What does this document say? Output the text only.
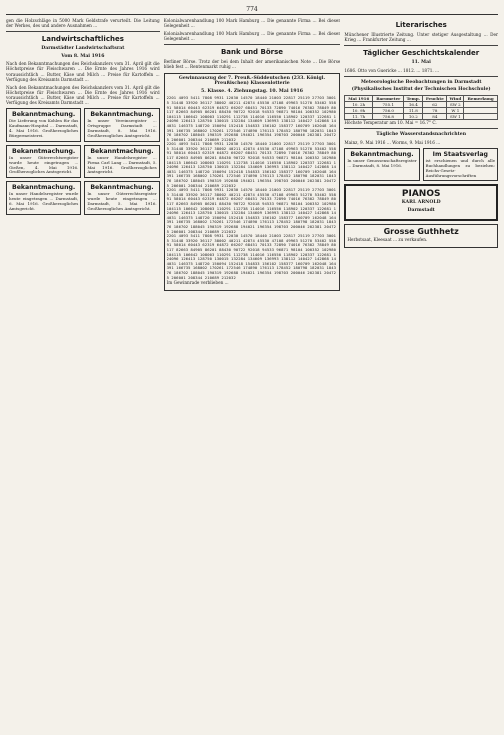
774

gen die Holzschläge in 5000 Mark Geldstrafe verurteilt. Die Leitung der Werkes, des und andere Ausnahmen ...

Landwirtschaftliches
Darmstädter Landwirtschaftsrat
Vom 8. Mai 1916

Nach den Bekanntmachungen des Reichskanzlers vom 31. April gilt die Höchstpreise für Fleischwaren ... Die Ernte des Jahres 1916 wird voraussichtlich ... Butter, Käse und Milch ... Preise für Kartoffeln ... Verfügung des Kreisamts Darmstadt ...

Nach den Bekanntmachungen des Reichskanzlers vom 31. April gilt die Höchstpreise für Fleischwaren ... Die Ernte des Jahres 1916 wird voraussichtlich ... Butter, Käse und Milch ... Preise für Kartoffeln ... Verfügung des Kreisamts Darmstadt ...

Bekanntmachung.
Die Lieferung von Kohlen für das Kaufmann-Hospital ... Darmstadt, 4. Mai 1916. Großherzogliches Bürgermeisterei.
Bekanntmachung.
In unser Vereinsregister ... Ortsgruppe Darmstadt ... Darmstadt, 8. Mai 1916. Großherzogliches Amtsgericht.
Bekanntmachung.
In unser Güterrechtsregister wurde heute eingetragen ... Gießen, 4. Mai 1916. Großherzogliches Amtsgericht.
Bekanntmachung.
In unser Handelsregister ... Firma Carl Lang ... Darmstadt, 5. Mai 1916. Großherzogliches Amtsgericht.
Bekanntmachung.
In unser Handelsregister wurde heute eingetragen ... Darmstadt, 6. Mai 1916. Großherzogliches Amtsgericht.
Bekanntmachung.
In unser Güterrechtsregister wurde heute eingetragen ... Darmstadt, 5. Mai 1916. Großherzogliches Amtsgericht.

Kolonialwarenhandlung 100 Mark Hamburg ... Die genannte Firma ... Bei dieser Gelegenheit ...

Kolonialwarenhandlung 100 Mark Hamburg ... Die genannte Firma ... Bei dieser Gelegenheit ...

Bank und Börse

Berliner Börse. Trotz der bei dem Inhalt der amerikanischen Note ... Die Börse blieb fest ... Rentenmarkt ruhig ...

Gewinnauszug der 7. Preuß.-Süddeutschen (233. Königl. Preußischen) Klassenlotterie
5. Klasse. 4. Ziehungstag. 10. Mai 1916
2201 4093 5411 7808 9931 12030 14570 18440 21003 22817 25119 27703 30015 31448 33920 36117 38002 40211 42874 45530 47108 49963 51270 53402 55891 58014 60443 62319 64872 66207 68451 70133 72890 74016 76302 78849 80117 82663 84905 86201 88430 90722 92018 94533 96871 98104 100352 102980 104115 106642 108003 110291 112738 114016 116550 118902 120337 122681 124096 126413 128750 130015 132284 134609 136993 138112 140427 142868 144031 146375 148720 150094 152418 154833 156102 158377 160709 162048 164391 166735 168002 170261 172546 174890 176113 178452 180798 182031 184376 186702 188045 190319 192688 194021 196354 198703 200046 202381 204725 206001 208344 210689 212032
2201 4093 5411 7808 9931 12030 14570 18440 21003 22817 25119 27703 30015 31448 33920 36117 38002 40211 42874 45530 47108 49963 51270 53402 55891 58014 60443 62319 64872 66207 68451 70133 72890 74016 76302 78849 80117 82663 84905 86201 88430 90722 92018 94533 96871 98104 100352 102980 104115 106642 108003 110291 112738 114016 116550 118902 120337 122681 124096 126413 128750 130015 132284 134609 136993 138112 140427 142868 144031 146375 148720 150094 152418 154833 156102 158377 160709 162048 164391 166735 168002 170261 172546 174890 176113 178452 180798 182031 184376 186702 188045 190319 192688 194021 196354 198703 200046 202381 204725 206001 208344 210689 212032
2201 4093 5411 7808 9931 12030 14570 18440 21003 22817 25119 27703 30015 31448 33920 36117 38002 40211 42874 45530 47108 49963 51270 53402 55891 58014 60443 62319 64872 66207 68451 70133 72890 74016 76302 78849 80117 82663 84905 86201 88430 90722 92018 94533 96871 98104 100352 102980 104115 106642 108003 110291 112738 114016 116550 118902 120337 122681 124096 126413 128750 130015 132284 134609 136993 138112 140427 142868 144031 146375 148720 150094 152418 154833 156102 158377 160709 162048 164391 166735 168002 170261 172546 174890 176113 178452 180798 182031 184376 186702 188045 190319 192688 194021 196354 198703 200046 202381 204725 206001 208344 210689 212032
2201 4093 5411 7808 9931 12030 14570 18440 21003 22817 25119 27703 30015 31448 33920 36117 38002 40211 42874 45530 47108 49963 51270 53402 55891 58014 60443 62319 64872 66207 68451 70133 72890 74016 76302 78849 80117 82663 84905 86201 88430 90722 92018 94533 96871 98104 100352 102980 104115 106642 108003 110291 112738 114016 116550 118902 120337 122681 124096 126413 128750 130015 132284 134609 136993 138112 140427 142868 144031 146375 148720 150094 152418 154833 156102 158377 160709 162048 164391 166735 168002 170261 172546 174890 176113 178452 180798 182031 184376 186702 188045 190319 192688 194021 196354 198703 200046 202381 204725 206001 208344 210689 212032

Im Gewinnrade verblieben ...

Literarisches

Münchener Illustrierte Zeitung. Unter stetiger Ausgestaltung ... Der Krieg ... Frankfurter Zeitung ...

Täglicher Geschichtskalender
11. Mai

1686. Otto von Guericke ... 1812. ... 1871. ...

Meteorologische Beobachtungen in Darmstadt
(Physikalisches Institut der Technischen Hochschule)
Mai 1916	Barometer	Temp.	Feuchte	Wind	Bemerkung
10. 2h	755.1	16.4	62	SW 2	
10. 9h	756.0	11.8	78	W 1	
11. 7h	756.8	10.2	84	SW 1	

Höchste Temperatur am 10. Mai = 16.7° C.

Tägliche Wasserstandsnachrichten

Mainz, 9. Mai 1916 ... Worms, 9. Mai 1916 ...

Bekanntmachung.
In unser Genossenschaftsregister ... Darmstadt, 8. Mai 1916.
Im Staatsverlag
ist erschienen und durch alle Buchhandlungen zu beziehen: Reichs-Gesetz-Ausführungsvorschriften
PIANOS
KARL ARNOLD
Darmstadt
Grosse Guthhetz

Herbstsaat, Kleesaat ... zu verkaufen.
